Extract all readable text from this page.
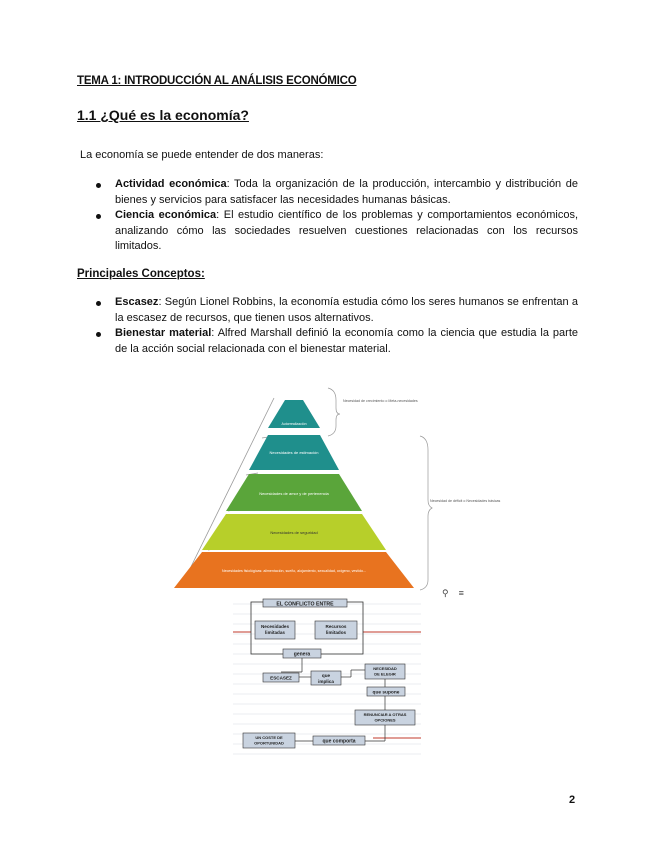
TEMA 1: INTRODUCCIÓN AL ANÁLISIS ECONÓMICO
1.1 ¿Qué es la economía?
La economía se puede entender de dos maneras:
Actividad económica: Toda la organización de la producción, intercambio y distribución de bienes y servicios para satisfacer las necesidades humanas básicas.
Ciencia económica: El estudio científico de los problemas y comportamientos económicos, analizando cómo las sociedades resuelven cuestiones relacionadas con los recursos limitados.
Principales Conceptos:
Escasez: Según Lionel Robbins, la economía estudia cómo los seres humanos se enfrentan a la escasez de recursos, que tienen usos alternativos.
Bienestar material: Alfred Marshall definió la economía como la ciencia que estudia la parte de la acción social relacionada con el bienestar material.
Autorrealización
Necesidades de estimación
Necesidades de amor y de pertenencia
Necesidades de seguridad
Necesidades fisiológicas: alimentación, sueño, alojamiento, sexualidad, oxígeno, vestido...
Necesidad de crecimiento o Meta-necesidades
Necesidad de déficit o Necesidades básicas
⚲ ≡
EL CONFLICTO ENTRE
Necesidades limitadas
Recursos limitados
genera
ESCASEZ	que implica
NECESIDAD DE ELEGIR
que supone
RENUNCIAR A OTRAS OPCIONES
que comporta
UN COSTE DE OPORTUNIDAD
2
